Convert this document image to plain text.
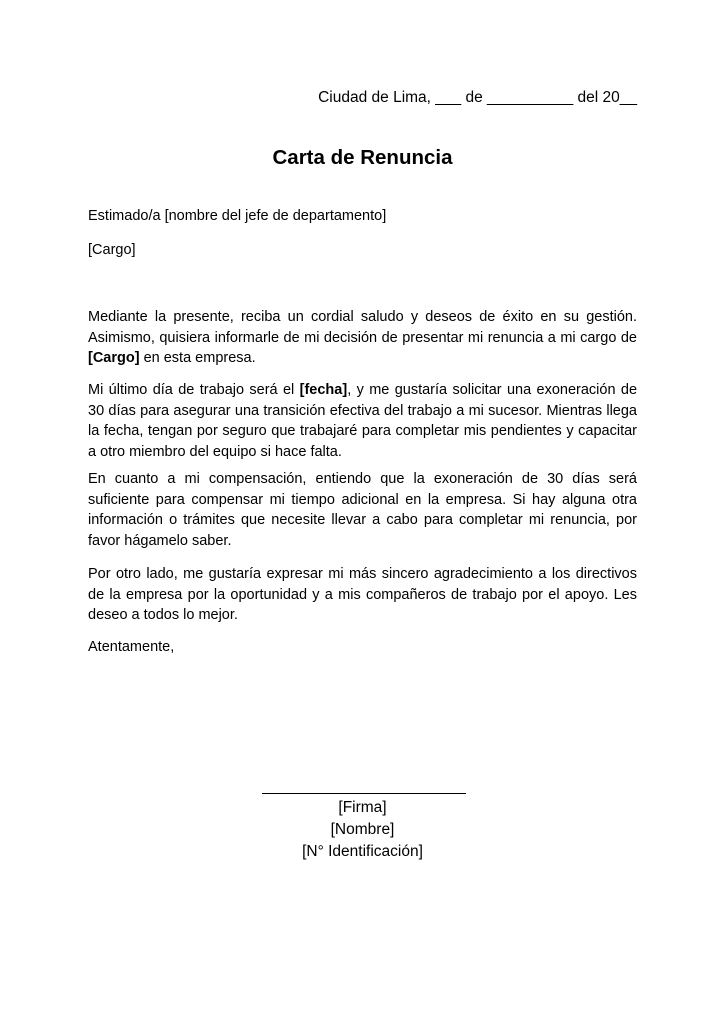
Ciudad de Lima, ___ de __________ del 20__
Carta de Renuncia
Estimado/a [nombre del jefe de departamento]
[Cargo]

Mediante la presente, reciba un cordial saludo y deseos de éxito en su gestión. Asimismo, quisiera informarle de mi decisión de presentar mi renuncia a mi cargo de [Cargo] en esta empresa.

Mi último día de trabajo será el [fecha], y me gustaría solicitar una exoneración de 30 días para asegurar una transición efectiva del trabajo a mi sucesor. Mientras llega la fecha, tengan por seguro que trabajaré para completar mis pendientes y capacitar a otro miembro del equipo si hace falta.

En cuanto a mi compensación, entiendo que la exoneración de 30 días será suficiente para compensar mi tiempo adicional en la empresa. Si hay alguna otra información o trámites que necesite llevar a cabo para completar mi renuncia, por favor hágamelo saber.

Por otro lado, me gustaría expresar mi más sincero agradecimiento a los directivos de la empresa por la oportunidad y a mis compañeros de trabajo por el apoyo. Les deseo a todos lo mejor.

Atentamente,
[Firma]
[Nombre]
[N° Identificación]
